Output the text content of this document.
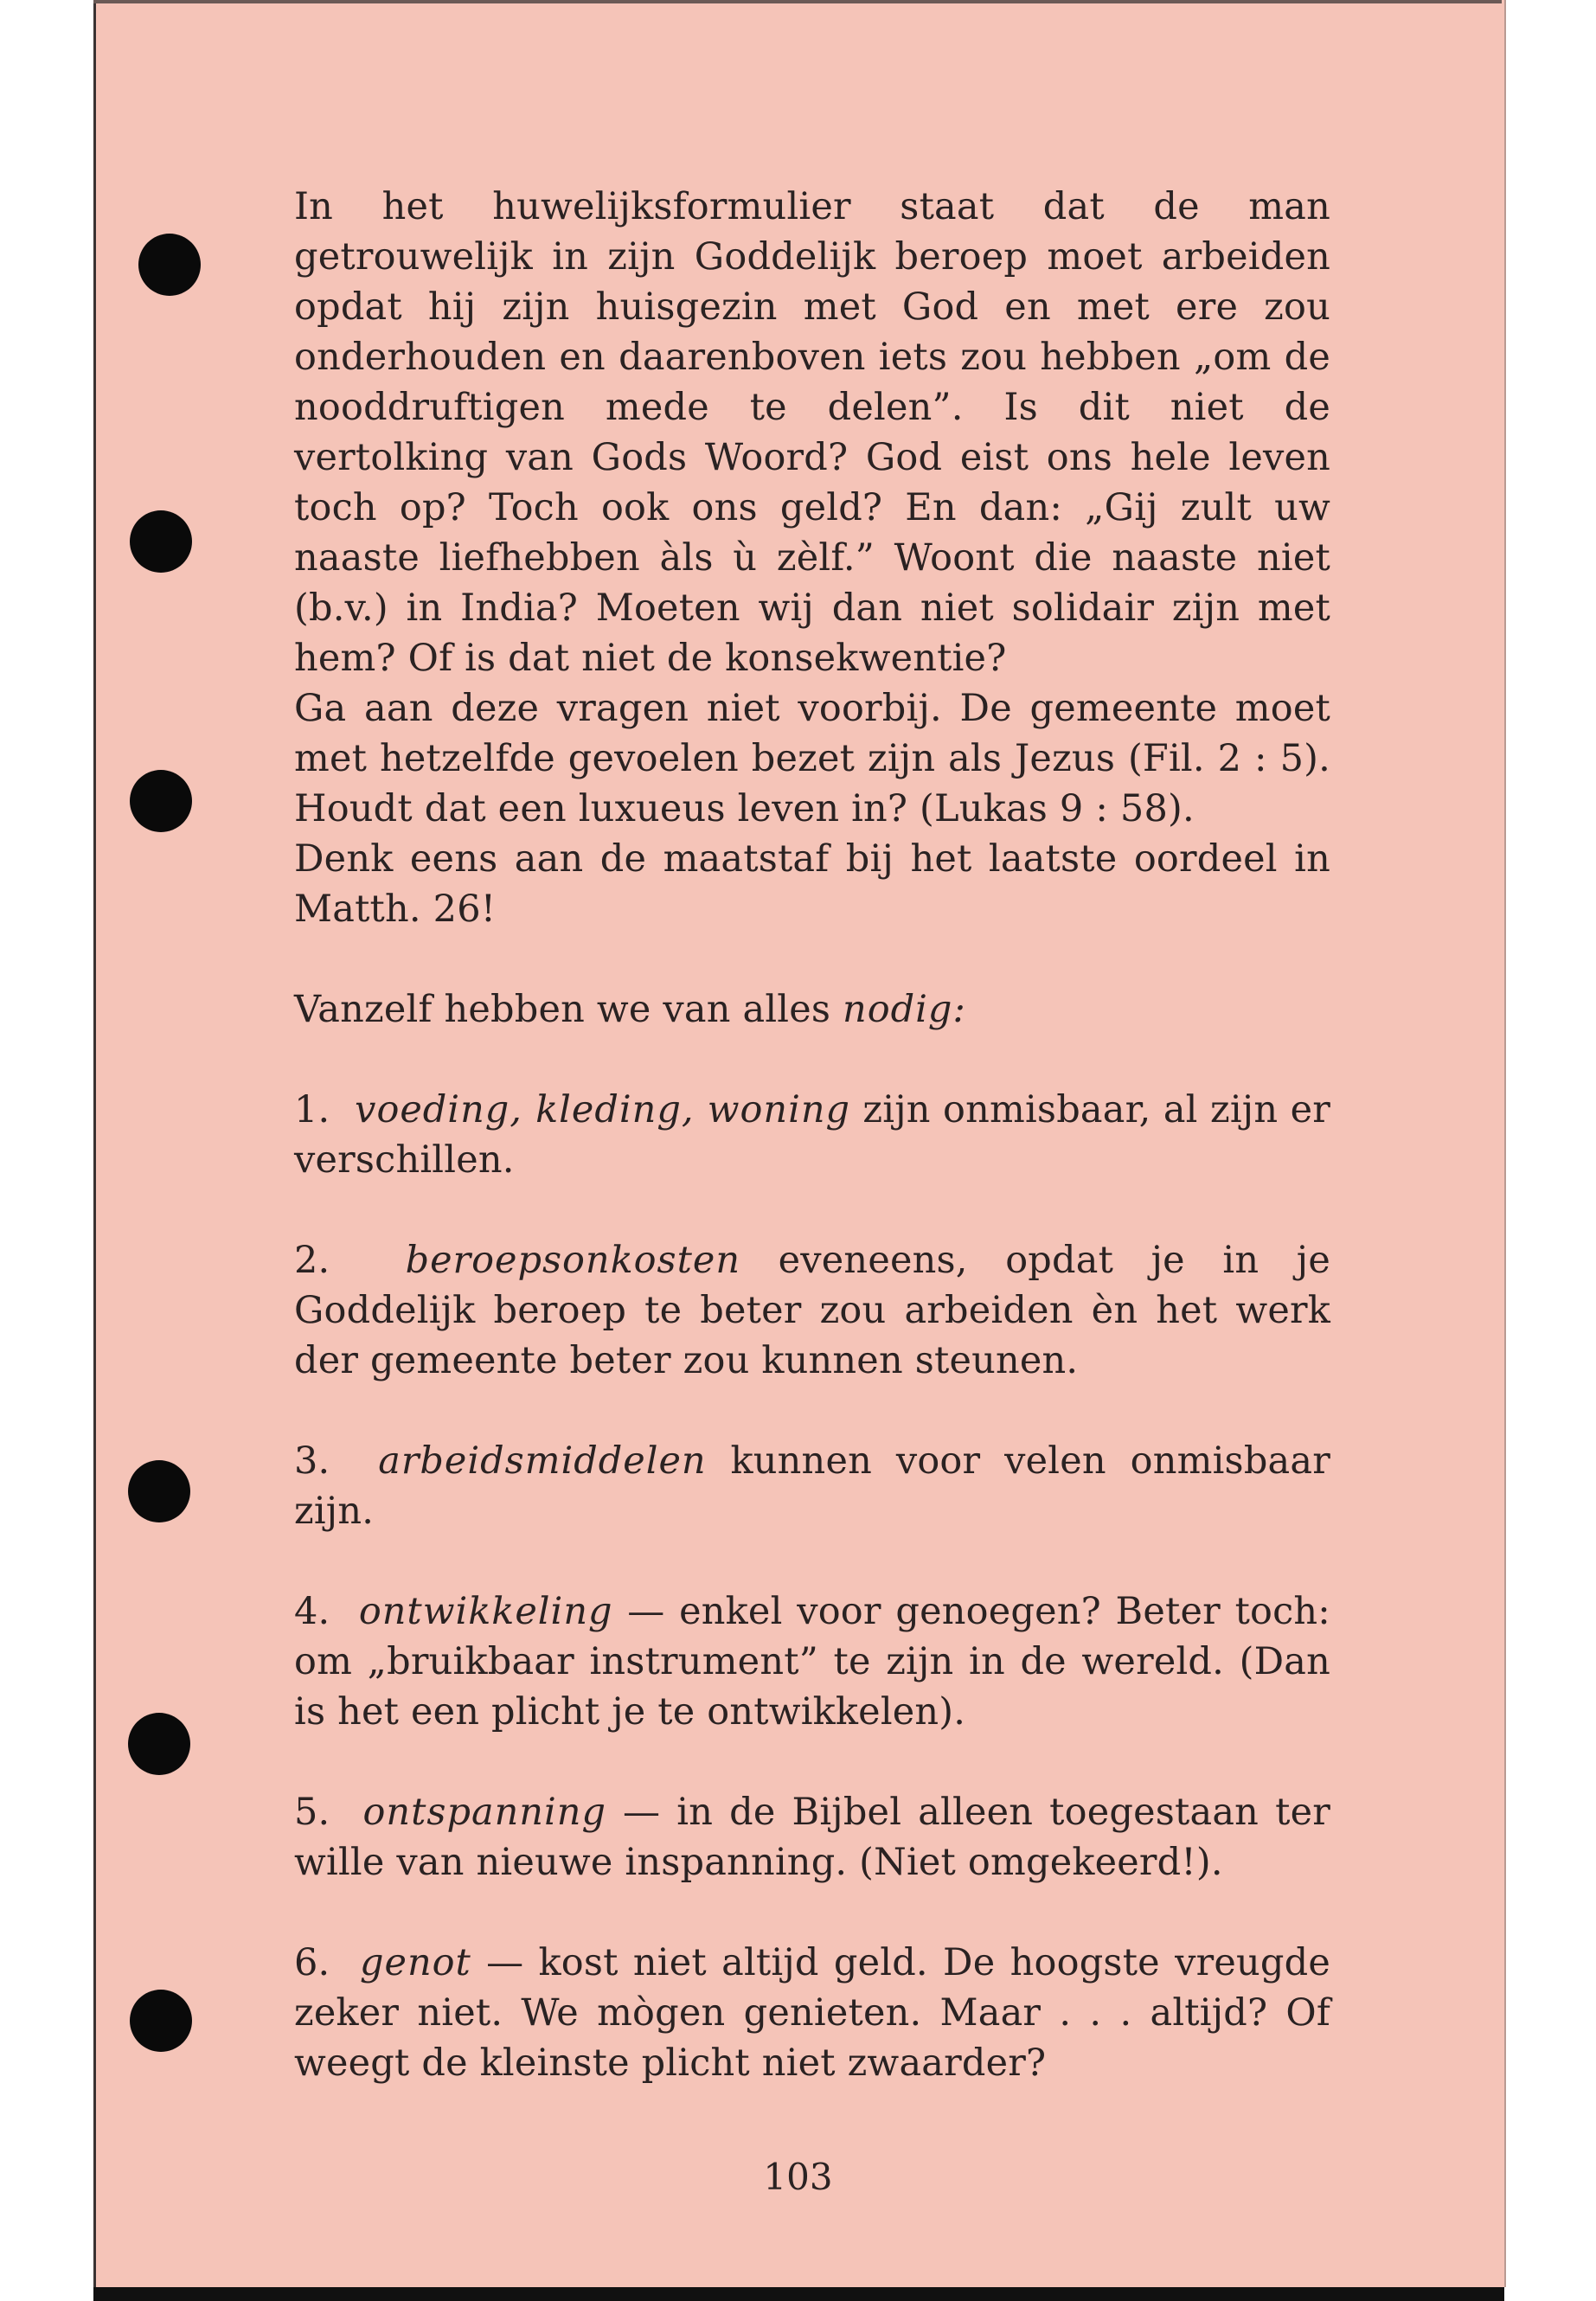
In het huwelijksformulier staat dat de man getrouwelijk in zijn Goddelijk beroep moet arbeiden opdat hij zijn huisgezin met God en met ere zou onderhouden en daarenboven iets zou hebben „om de nooddruftigen mede te delen”. Is dit niet de vertolking van Gods Woord? God eist ons hele leven toch op? Toch ook ons geld? En dan: „Gij zult uw naaste liefhebben àls ù zèlf.” Woont die naaste niet (b.v.) in India? Moeten wij dan niet solidair zijn met hem? Of is dat niet de konsekwentie?

Ga aan deze vragen niet voorbij. De gemeente moet met hetzelfde gevoelen bezet zijn als Jezus (Fil. 2 : 5). Houdt dat een luxueus leven in? (Lukas 9 : 58).

Denk eens aan de maatstaf bij het laatste oordeel in Matth. 26!

Vanzelf hebben we van alles nodig:

1. voeding, kleding, woning zijn onmisbaar, al zijn er verschillen.

2. beroepsonkosten eveneens, opdat je in je Goddelijk beroep te beter zou arbeiden èn het werk der gemeente beter zou kunnen steunen.

3. arbeidsmiddelen kunnen voor velen onmisbaar zijn.

4. ontwikkeling — enkel voor genoegen? Beter toch: om „bruikbaar instrument” te zijn in de wereld. (Dan is het een plicht je te ontwikkelen).

5. ontspanning — in de Bijbel alleen toegestaan ter wille van nieuwe inspanning. (Niet omgekeerd!).

6. genot — kost niet altijd geld. De hoogste vreugde zeker niet. We mògen genieten. Maar . . . altijd? Of weegt de kleinste plicht niet zwaarder?

103
